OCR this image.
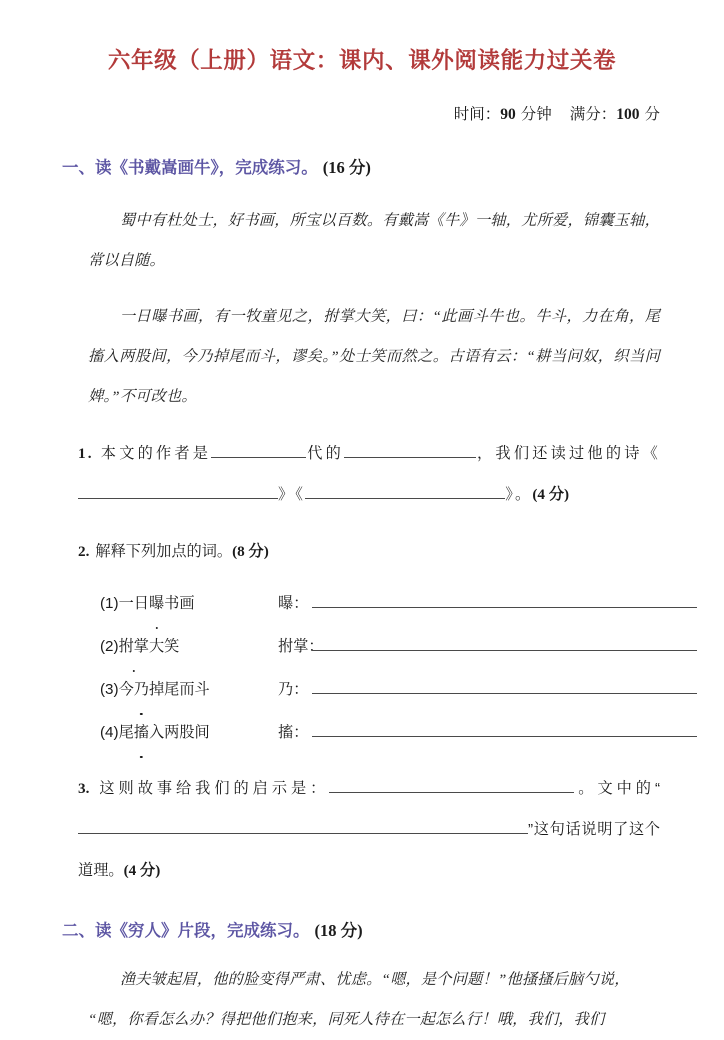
六年级（上册）语文：课内、课外阅读能力过关卷

时间：90 分钟 满分：100 分

一、读《书戴嵩画牛》，完成练习。 (16 分)

蜀中有杜处士，好书画，所宝以百数。有戴嵩《牛》一轴，尤所爱，锦囊玉轴，常以自随。

一日曝书画，有一牧童见之，拊掌大笑，曰：“此画斗牛也。牛斗，力在角，尾搐入两股间，今乃掉尾而斗，谬矣。”处士笑而然之。古语有云：“耕当问奴，织当问婢。”不可改也。

1. 本文的作者是	代的	，我们还读过他的诗《》《	》。(4 分)

2. 解释下列加点的词。(8 分)

(1)一日曝书画	曝：

(2)拊掌大笑	拊掌：

(3)今乃掉尾而斗	乃：

(4)尾搐入两股间	搐：

3. 这则故事给我们的启示是：	。文中的“”这句话说明了这个道理。(4 分)

二、读《穷人》片段，完成练习。 (18 分)

渔夫皱起眉，他的脸变得严肃、忧虑。“嗯，是个问题！”他搔搔后脑勺说，

“嗯，你看怎么办？得把他们抱来，同死人待在一起怎么行！哦，我们，我们
